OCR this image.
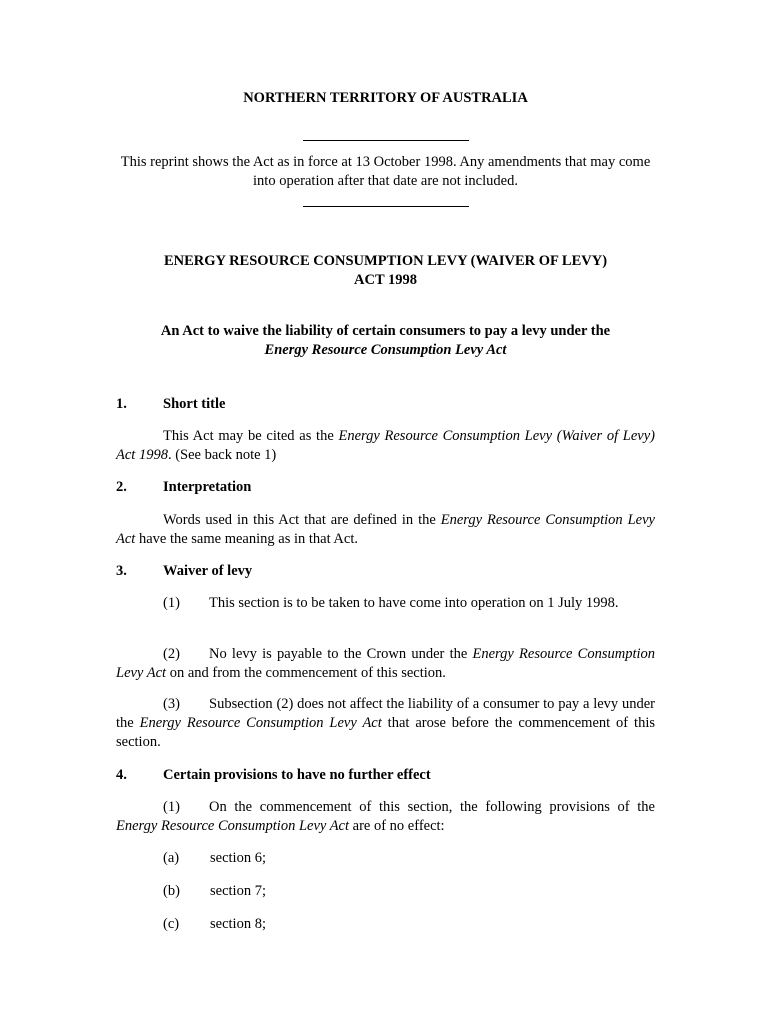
NORTHERN TERRITORY OF AUSTRALIA
This reprint shows the Act as in force at 13 October 1998. Any amendments that may come into operation after that date are not included.
ENERGY RESOURCE CONSUMPTION LEVY (WAIVER OF LEVY)
ACT 1998
An Act to waive the liability of certain consumers to pay a levy under the
Energy Resource Consumption Levy Act
1.	Short title
This Act may be cited as the Energy Resource Consumption Levy (Waiver of Levy) Act 1998. (See back note 1)
2.	Interpretation
Words used in this Act that are defined in the Energy Resource Consumption Levy Act have the same meaning as in that Act.
3.	Waiver of levy
(1) This section is to be taken to have come into operation on 1 July 1998.
(2) No levy is payable to the Crown under the Energy Resource Consumption Levy Act on and from the commencement of this section.
(3) Subsection (2) does not affect the liability of a consumer to pay a levy under the Energy Resource Consumption Levy Act that arose before the commencement of this section.
4.	Certain provisions to have no further effect
(1) On the commencement of this section, the following provisions of the Energy Resource Consumption Levy Act are of no effect:
(a)	section 6;
(b)	section 7;
(c)	section 8;
